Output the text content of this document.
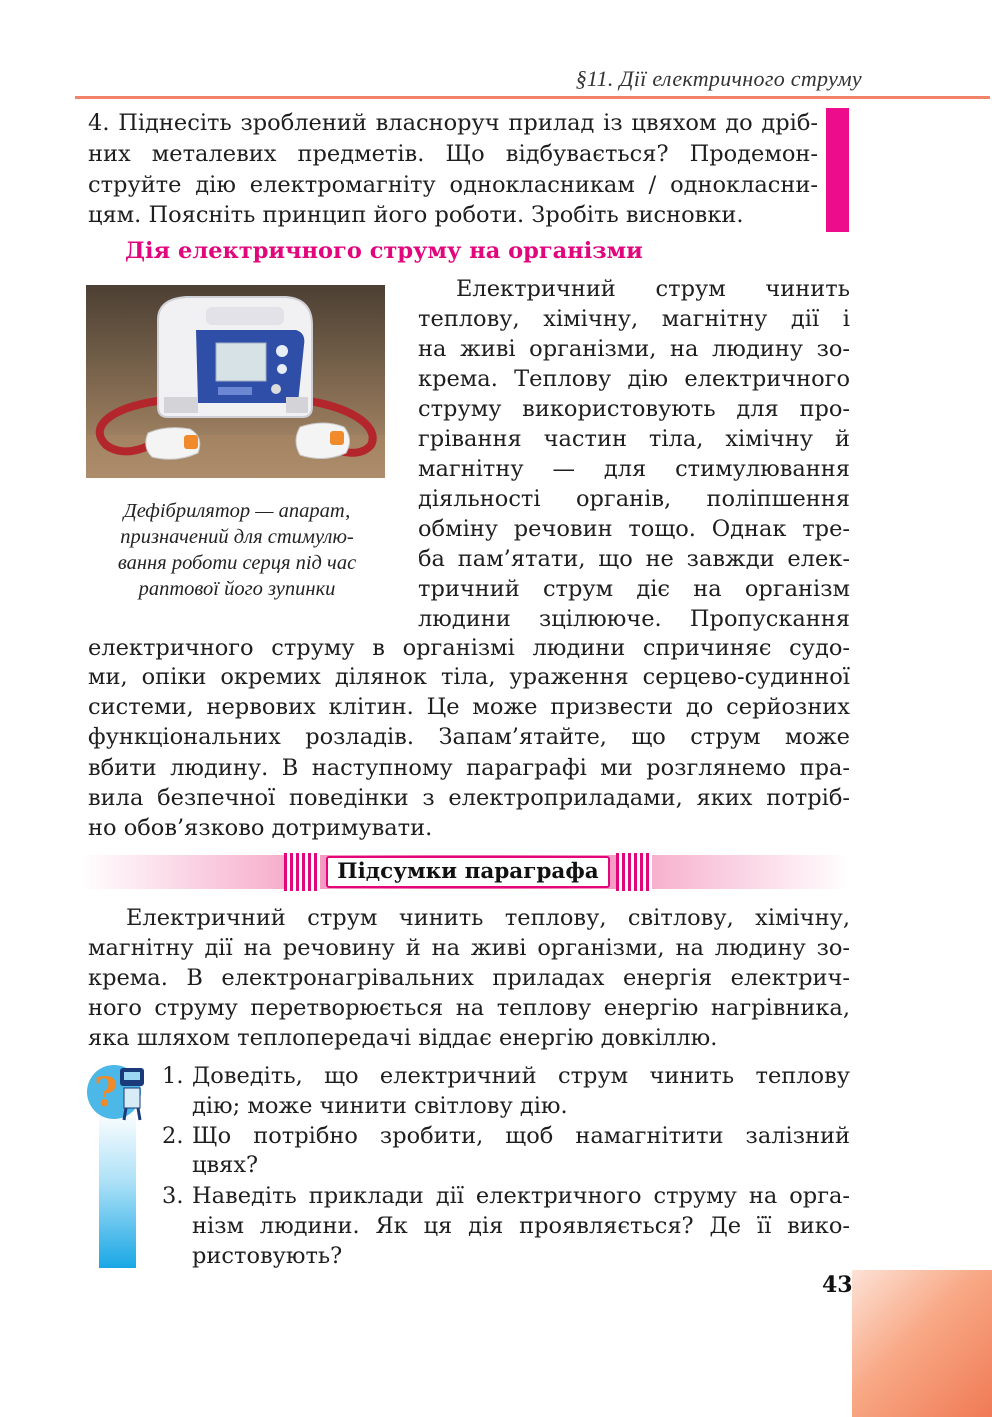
§11. Дії електричного струму
4. Піднесіть зроблений власноруч прилад із цвяхом до дріб-
них металевих предметів. Що відбувається? Продемон-
струйте дію електромагніту однокласникам / однокласни-
цям. Поясніть принцип його роботи. Зробіть висновки.
Дія електричного струму на організми
Дефібрилятор — апарат,
призначений для стимулю-
вання роботи серця під час
раптової його зупинки
Електричний струм чинить
теплову, хімічну, магнітну дії і
на живі організми, на людину зо-
крема. Теплову дію електричного
струму використовують для про-
грівання частин тіла, хімічну й
магнітну — для стимулювання
діяльності органів, поліпшення
обміну речовин тощо. Однак тре-
ба пам’ятати, що не завжди елек-
тричний струм діє на організм
людини зцілююче. Пропускання
електричного струму в організмі людини спричиняє судо-
ми, опіки окремих ділянок тіла, ураження серцево-судинної
системи, нервових клітин. Це може призвести до серйозних
функціональних розладів. Запам’ятайте, що струм може
вбити людину. В наступному параграфі ми розглянемо пра-
вила безпечної поведінки з електроприладами, яких потріб-
но обов’язково дотримувати.
Підсумки параграфа
Електричний струм чинить теплову, світлову, хімічну,
магнітну дії на речовину й на живі організми, на людину зо-
крема. В електронагрівальних приладах енергія електрич-
ного струму перетворюється на теплову енергію нагрівника,
яка шляхом теплопередачі віддає енергію довкіллю.
? 1. Доведіть, що електричний струм чинить теплову
дію; може чинити світлову дію.
2. Що потрібно зробити, щоб намагнітити залізний
цвях?
3. Наведіть приклади дії електричного струму на орга-
нізм людини. Як ця дія проявляється? Де її вико-
ристовують?
43
